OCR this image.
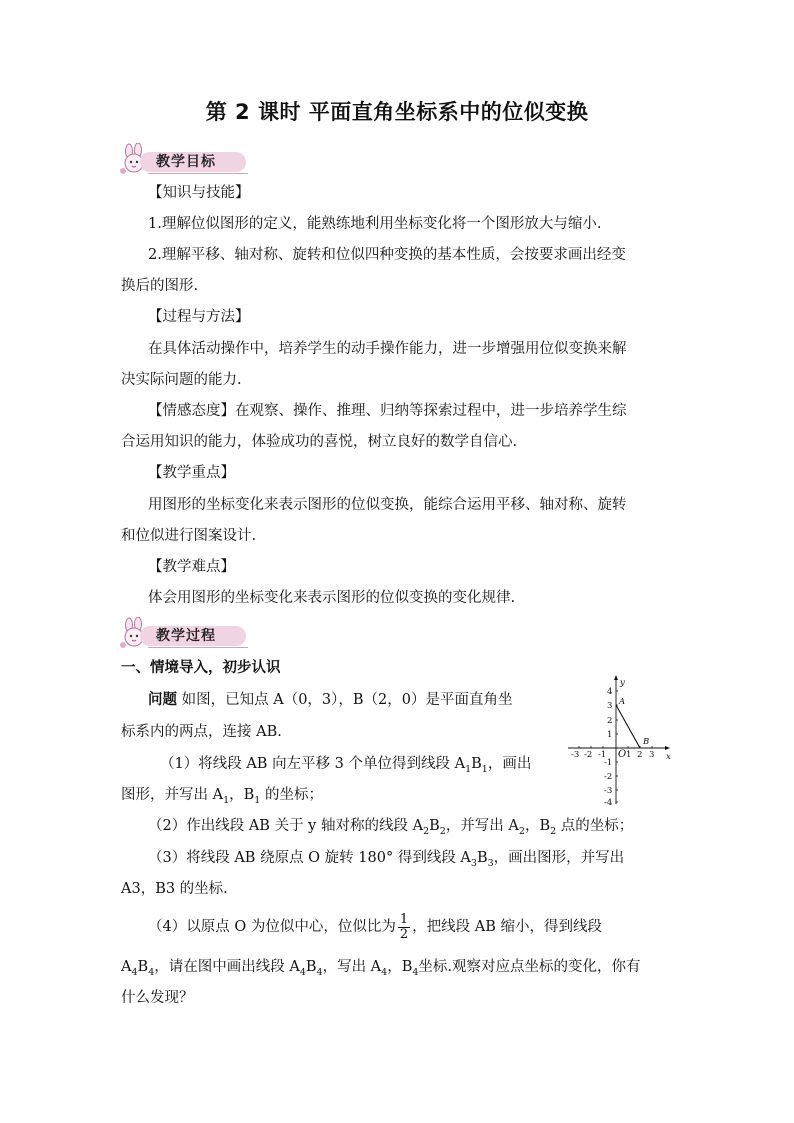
第 2 课时 平面直角坐标系中的位似变换
教学目标
【知识与技能】
1.理解位似图形的定义，能熟练地利用坐标变化将一个图形放大与缩小.
2.理解平移、轴对称、旋转和位似四种变换的基本性质，会按要求画出经变
换后的图形.
【过程与方法】
在具体活动操作中，培养学生的动手操作能力，进一步增强用位似变换来解
决实际问题的能力.
【情感态度】在观察、操作、推理、归纳等探索过程中，进一步培养学生综
合运用知识的能力，体验成功的喜悦，树立良好的数学自信心.
【教学重点】
用图形的坐标变化来表示图形的位似变换，能综合运用平移、轴对称、旋转
和位似进行图案设计.
【教学难点】
体会用图形的坐标变化来表示图形的位似变换的变化规律.
教学过程
一、情境导入，初步认识
问题 如图，已知点 A（0，3），B（2，0）是平面直角坐
标系内的两点，连接 AB.
（1）将线段 AB 向左平移 3 个单位得到线段 $A_1B_1$，画出
图形，并写出 $A_1$，$B_1$ 的坐标；
（2）作出线段 AB 关于 y 轴对称的线段 $A_2B_2$，并写出 $A_2$，$B_2$ 点的坐标；
（3）将线段 AB 绕原点 O 旋转 180° 得到线段 $A_3B_3$，画出图形，并写出
A3，B3 的坐标.
（4）以原点 O 为位似中心，位似比为 $\frac{1}{2}$ ，把线段 AB 缩小，得到线段
$A_4B_4$，请在图中画出线段 $A_4B_4$，写出 $A_4$，$B_4$坐标.观察对应点坐标的变化，你有
什么发现？
x
y
O
A
B
-3 -2 -1 1 2 3
4
3
2
1
-1
-2
-3
-4
